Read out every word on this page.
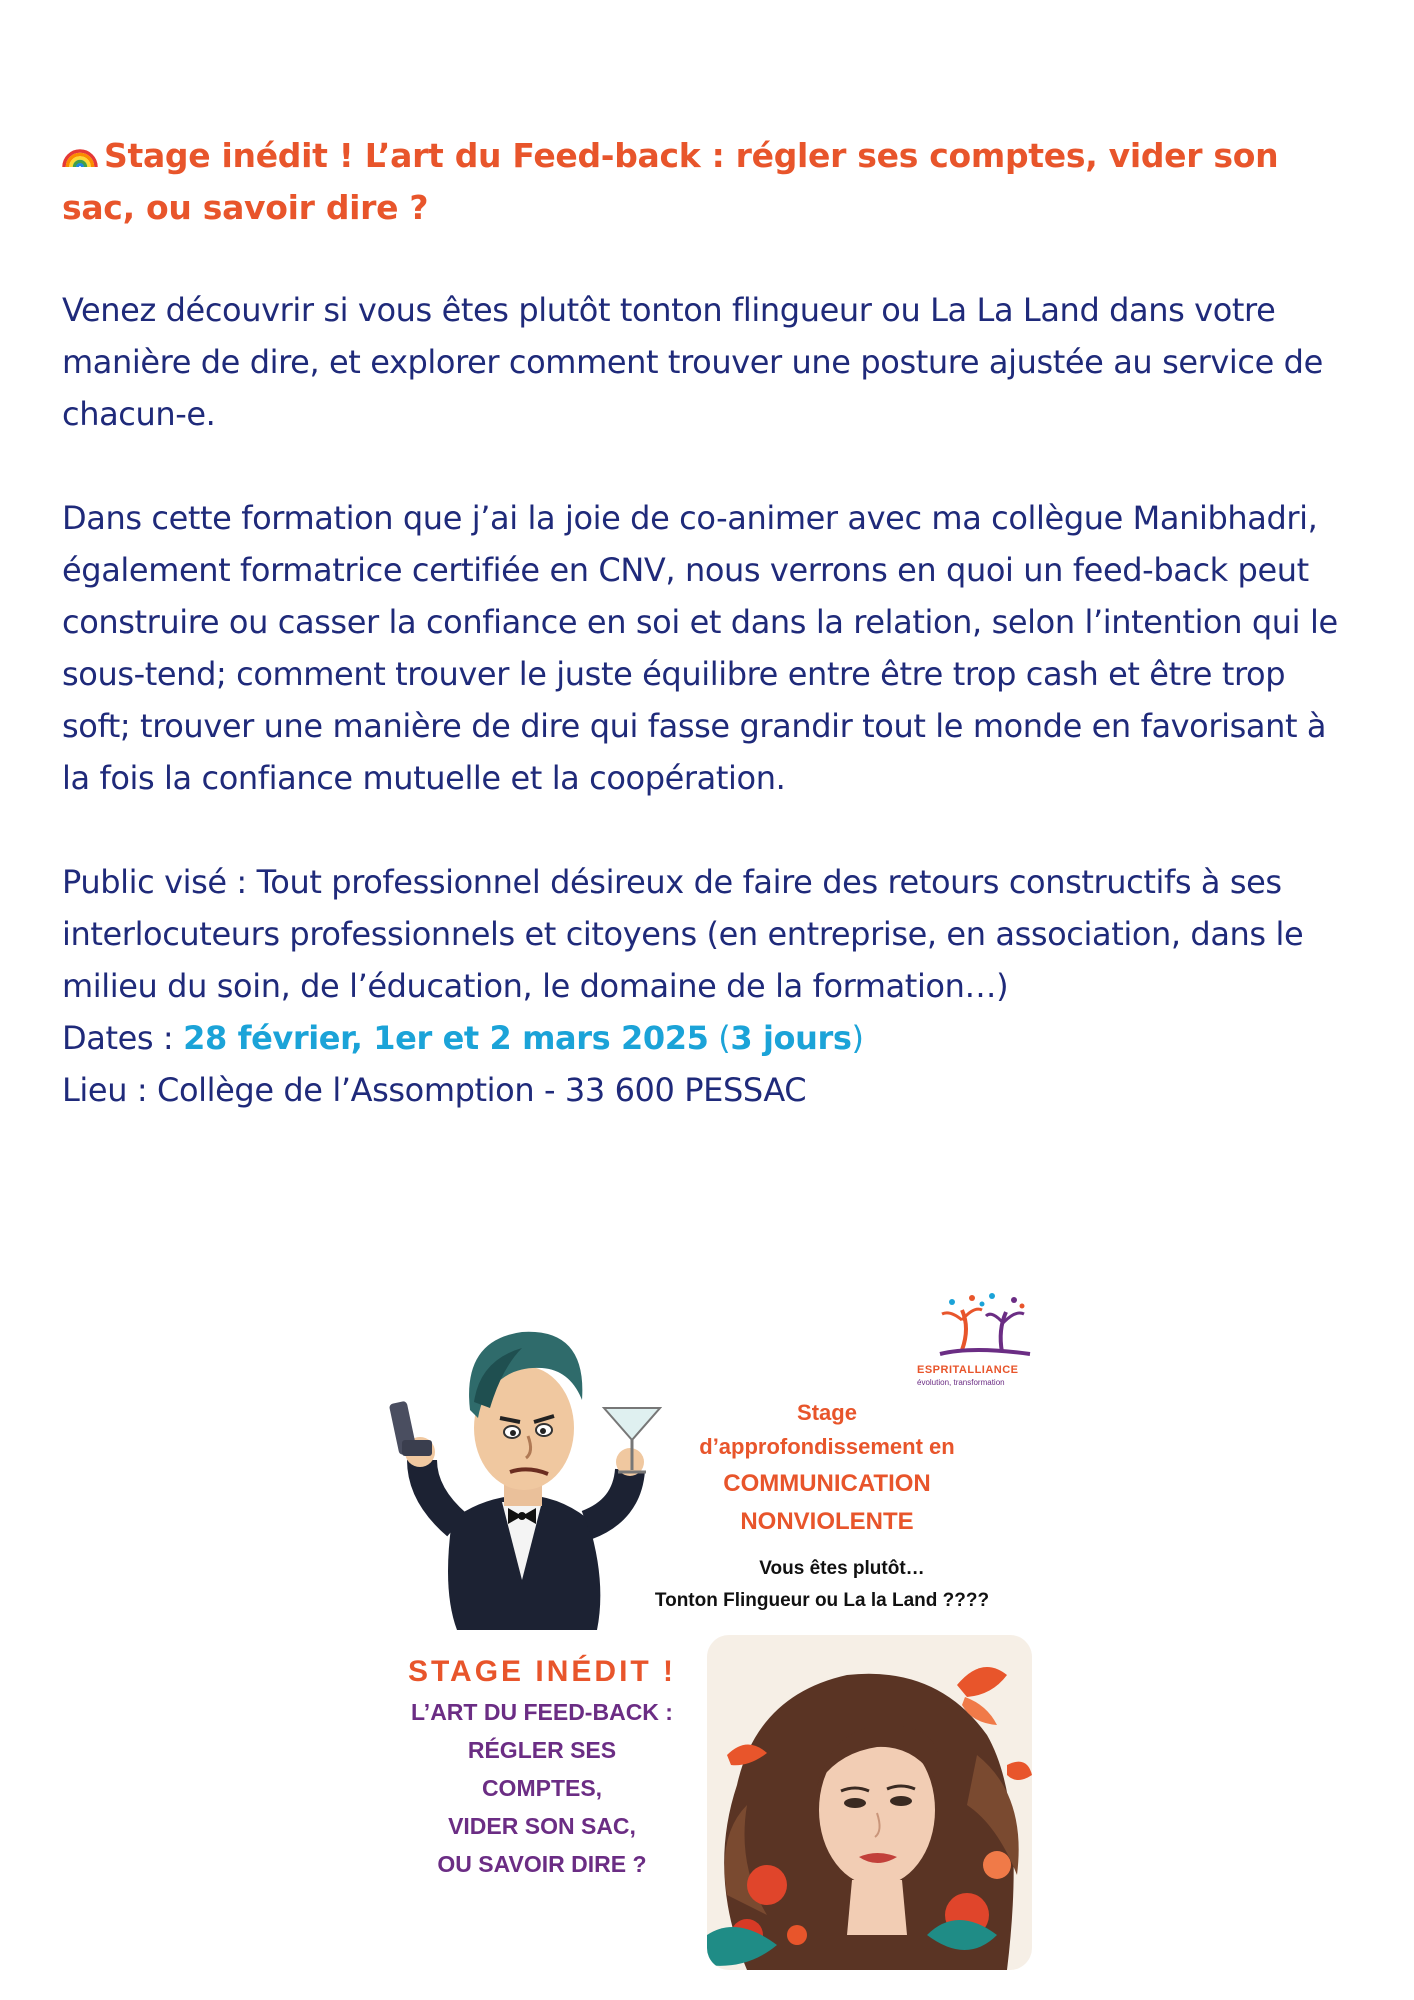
Stage inédit ! L’art du Feed-back : régler ses comptes, vider son sac, ou savoir dire ?

Venez découvrir si vous êtes plutôt tonton flingueur ou La La Land dans votre manière de dire, et explorer comment trouver une posture ajustée au service de chacun-e.

Dans cette formation que j’ai la joie de co-animer avec ma collègue Manibhadri, également formatrice certifiée en CNV, nous verrons en quoi un feed-back peut construire ou casser la confiance en soi et dans la relation, selon l’intention qui le sous-tend; comment trouver le juste équilibre entre être trop cash et être trop soft; trouver une manière de dire qui fasse grandir tout le monde en favorisant à la fois la confiance mutuelle et la coopération.

Public visé : Tout professionnel désireux de faire des retours constructifs à ses interlocuteurs professionnels et citoyens (en entreprise, en association, dans le milieu du soin, de l’éducation, le domaine de la formation…)
Dates : 28 février, 1er et 2 mars 2025 (3 jours)
Lieu : Collège de l’Assomption - 33 600 PESSAC
ESPRITALLIANCE
évolution, transformation
Stage
d’approfondissement en
COMMUNICATION
NONVIOLENTE
Vous êtes plutôt…
Tonton Flingueur ou La la Land ????
STAGE INÉDIT !
L’ART DU FEED-BACK :
RÉGLER SES
COMPTES,
VIDER SON SAC,
OU SAVOIR DIRE ?
